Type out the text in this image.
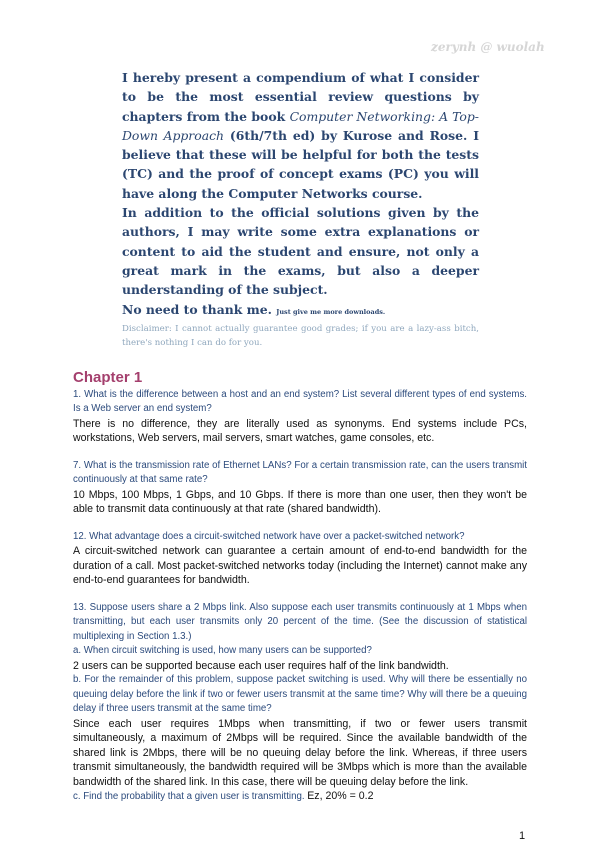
zerynh @ wuolah

I hereby present a compendium of what I consider to be the most essential review questions by chapters from the book Computer Networking: A Top-Down Approach (6th/7th ed) by Kurose and Rose. I believe that these will be helpful for both the tests (TC) and the proof of concept exams (PC) you will have along the Computer Networks course.

In addition to the official solutions given by the authors, I may write some extra explanations or content to aid the student and ensure, not only a great mark in the exams, but also a deeper understanding of the subject.

No need to thank me. Just give me more downloads.

Disclaimer: I cannot actually guarantee good grades; if you are a lazy-ass bitch, there's nothing I can do for you.

Chapter 1

1. What is the difference between a host and an end system? List several different types of end systems. Is a Web server an end system?

There is no difference, they are literally used as synonyms. End systems include PCs, workstations, Web servers, mail servers, smart watches, game consoles, etc.

7. What is the transmission rate of Ethernet LANs? For a certain transmission rate, can the users transmit continuously at that same rate?

10 Mbps, 100 Mbps, 1 Gbps, and 10 Gbps. If there is more than one user, then they won't be able to transmit data continuously at that rate (shared bandwidth).

12. What advantage does a circuit-switched network have over a packet-switched network?

A circuit-switched network can guarantee a certain amount of end-to-end bandwidth for the duration of a call. Most packet-switched networks today (including the Internet) cannot make any end-to-end guarantees for bandwidth.

13. Suppose users share a 2 Mbps link. Also suppose each user transmits continuously at 1 Mbps when transmitting, but each user transmits only 20 percent of the time. (See the discussion of statistical multiplexing in Section 1.3.)

a. When circuit switching is used, how many users can be supported?

2 users can be supported because each user requires half of the link bandwidth.

b. For the remainder of this problem, suppose packet switching is used. Why will there be essentially no queuing delay before the link if two or fewer users transmit at the same time? Why will there be a queuing delay if three users transmit at the same time?

Since each user requires 1Mbps when transmitting, if two or fewer users transmit simultaneously, a maximum of 2Mbps will be required. Since the available bandwidth of the shared link is 2Mbps, there will be no queuing delay before the link. Whereas, if three users transmit simultaneously, the bandwidth required will be 3Mbps which is more than the available bandwidth of the shared link. In this case, there will be queuing delay before the link.

c. Find the probability that a given user is transmitting. Ez, 20% = 0.2

1
